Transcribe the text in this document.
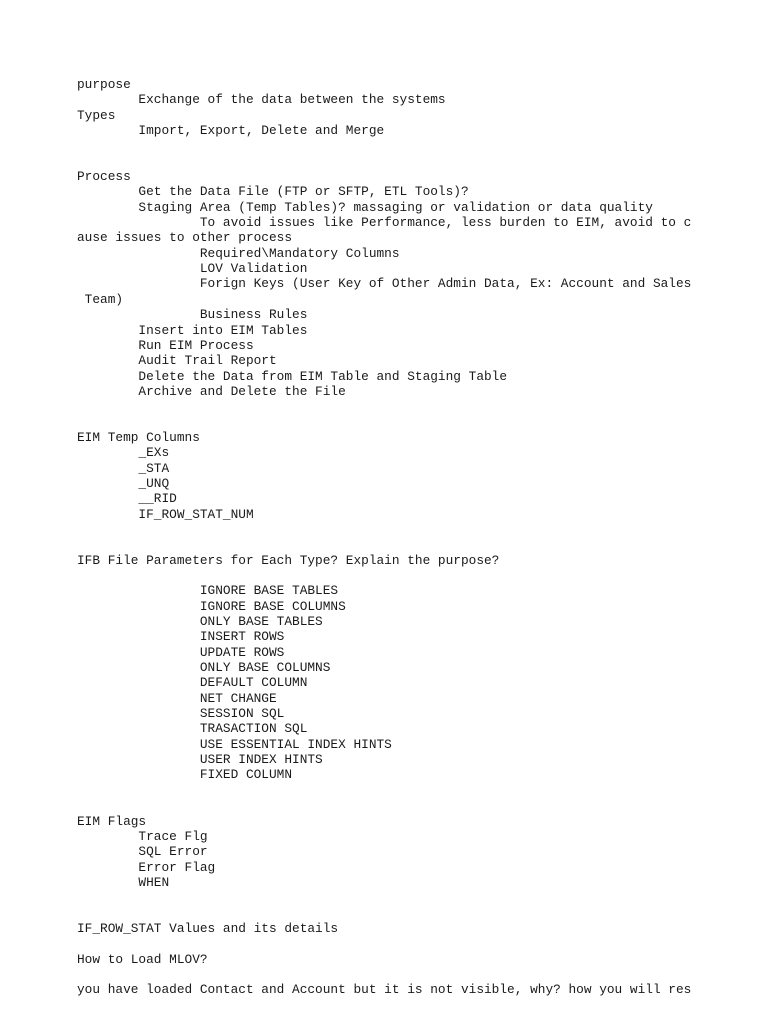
purpose
Exchange of the data between the systems
Types
Import, Export, Delete and Merge
Process
Get the Data File (FTP or SFTP, ETL Tools)?
Staging Area (Temp Tables)? massaging or validation or data quality
To avoid issues like Performance, less burden to EIM, avoid to c
ause issues to other process
Required\Mandatory Columns
LOV Validation
Forign Keys (User Key of Other Admin Data, Ex: Account and Sales
Team)
Business Rules
Insert into EIM Tables
Run EIM Process
Audit Trail Report
Delete the Data from EIM Table and Staging Table
Archive and Delete the File
EIM Temp Columns
_EXs
_STA
_UNQ
__RID
IF_ROW_STAT_NUM
IFB File Parameters for Each Type? Explain the purpose?
IGNORE BASE TABLES
IGNORE BASE COLUMNS
ONLY BASE TABLES
INSERT ROWS
UPDATE ROWS
ONLY BASE COLUMNS
DEFAULT COLUMN
NET CHANGE
SESSION SQL
TRASACTION SQL
USE ESSENTIAL INDEX HINTS
USER INDEX HINTS
FIXED COLUMN
EIM Flags
Trace Flg
SQL Error
Error Flag
WHEN
IF_ROW_STAT Values and its details
How to Load MLOV?
you have loaded Contact and Account but it is not visible, why? how you will res
